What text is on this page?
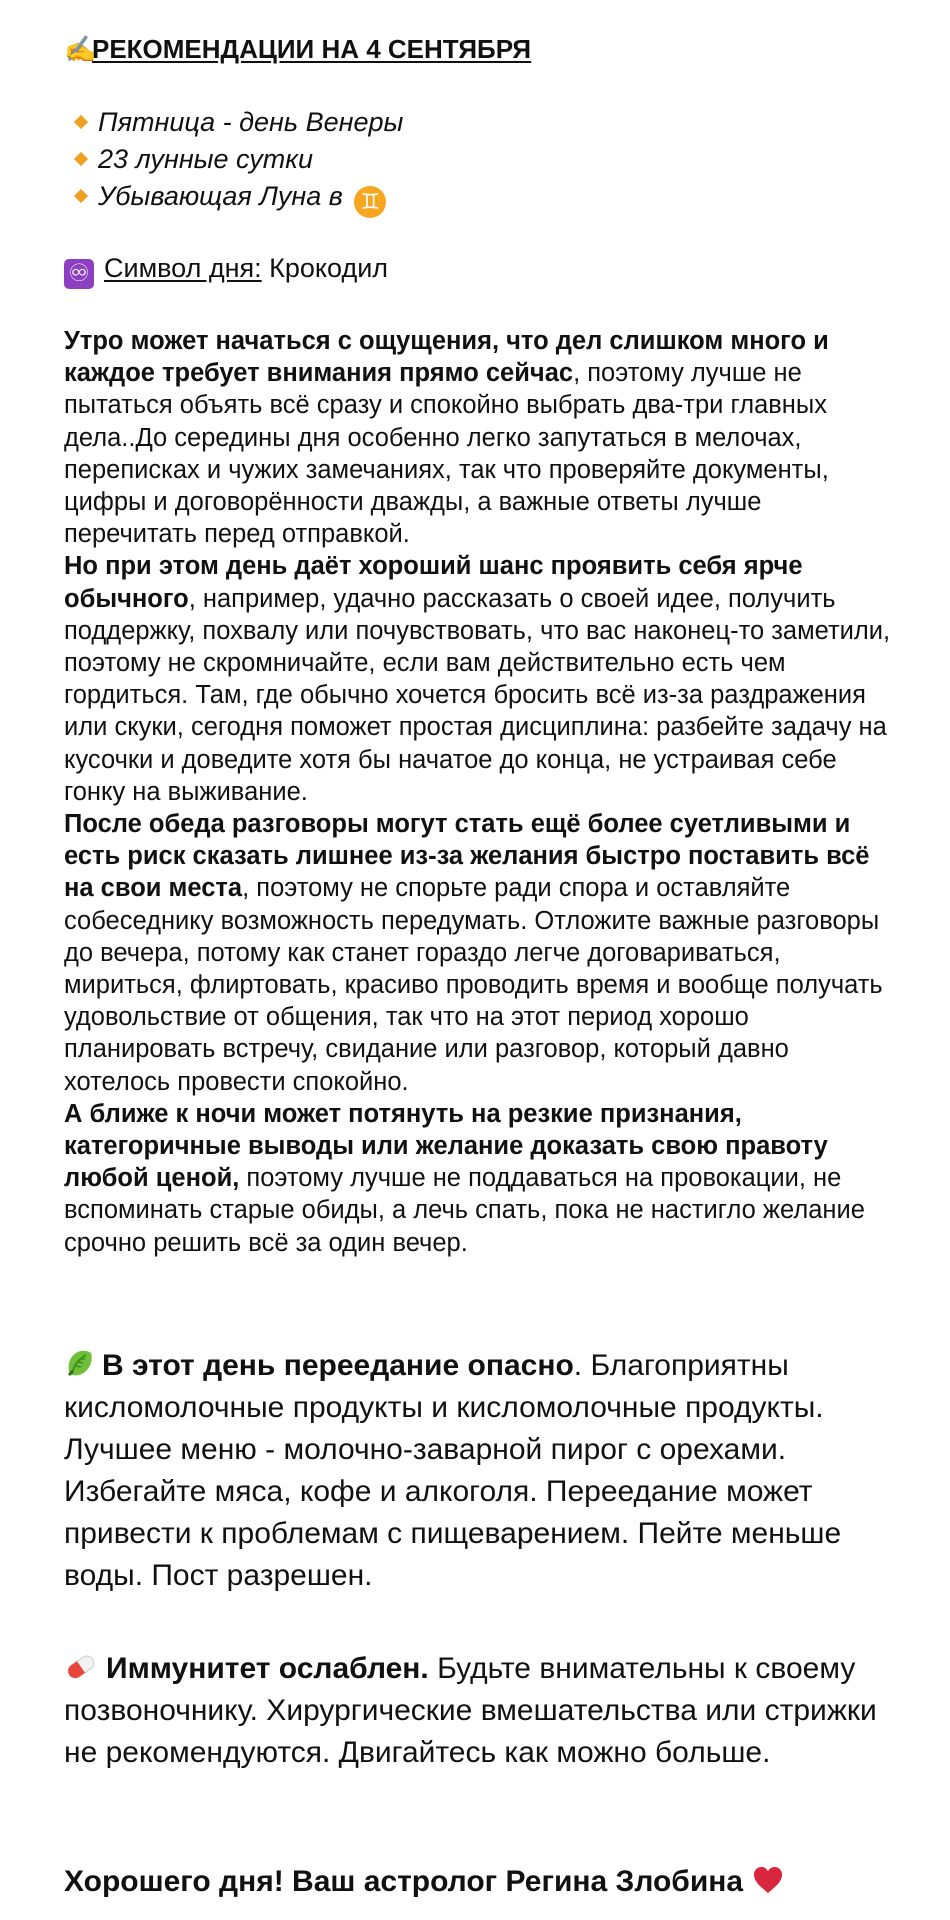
✍️РЕКОМЕНДАЦИИ НА 4 СЕНТЯБРЯ
Пятница - день Венеры
23 лунные сутки
Убывающая Луна в ♊
♾ Символ дня: Крокодил

Утро может начаться с ощущения, что дел слишком много и каждое требует внимания прямо сейчас, поэтому лучше не пытаться объять всё сразу и спокойно выбрать два-три главных дела..До середины дня особенно легко запутаться в мелочах, переписках и чужих замечаниях, так что проверяйте документы, цифры и договорённости дважды, а важные ответы лучше перечитать перед отправкой.

Но при этом день даёт хороший шанс проявить себя ярче обычного, например, удачно рассказать о своей идее, получить поддержку, похвалу или почувствовать, что вас наконец-то заметили, поэтому не скромничайте, если вам действительно есть чем гордиться. Там, где обычно хочется бросить всё из-за раздражения или скуки, сегодня поможет простая дисциплина: разбейте задачу на кусочки и доведите хотя бы начатое до конца, не устраивая себе гонку на выживание.

После обеда разговоры могут стать ещё более суетливыми и есть риск сказать лишнее из-за желания быстро поставить всё на свои места, поэтому не спорьте ради спора и оставляйте собеседнику возможность передумать. Отложите важные разговоры до вечера, потому как станет гораздо легче договариваться, мириться, флиртовать, красиво проводить время и вообще получать удовольствие от общения, так что на этот период хорошо планировать встречу, свидание или разговор, который давно хотелось провести спокойно.

А ближе к ночи может потянуть на резкие признания, категоричные выводы или желание доказать свою правоту любой ценой, поэтому лучше не поддаваться на провокации, не вспоминать старые обиды, а лечь спать, пока не настигло желание срочно решить всё за один вечер.

В этот день переедание опасно. Благоприятны кисломолочные продукты и кисломолочные продукты. Лучшее меню - молочно-заварной пирог с орехами. Избегайте мяса, кофе и алкоголя. Переедание может привести к проблемам с пищеварением. Пейте меньше воды. Пост разрешен.

Иммунитет ослаблен. Будьте внимательны к своему позвоночнику. Хирургические вмешательства или стрижки не рекомендуются. Двигайтесь как можно больше.

Хорошего дня! Ваш астролог Регина Злобина
